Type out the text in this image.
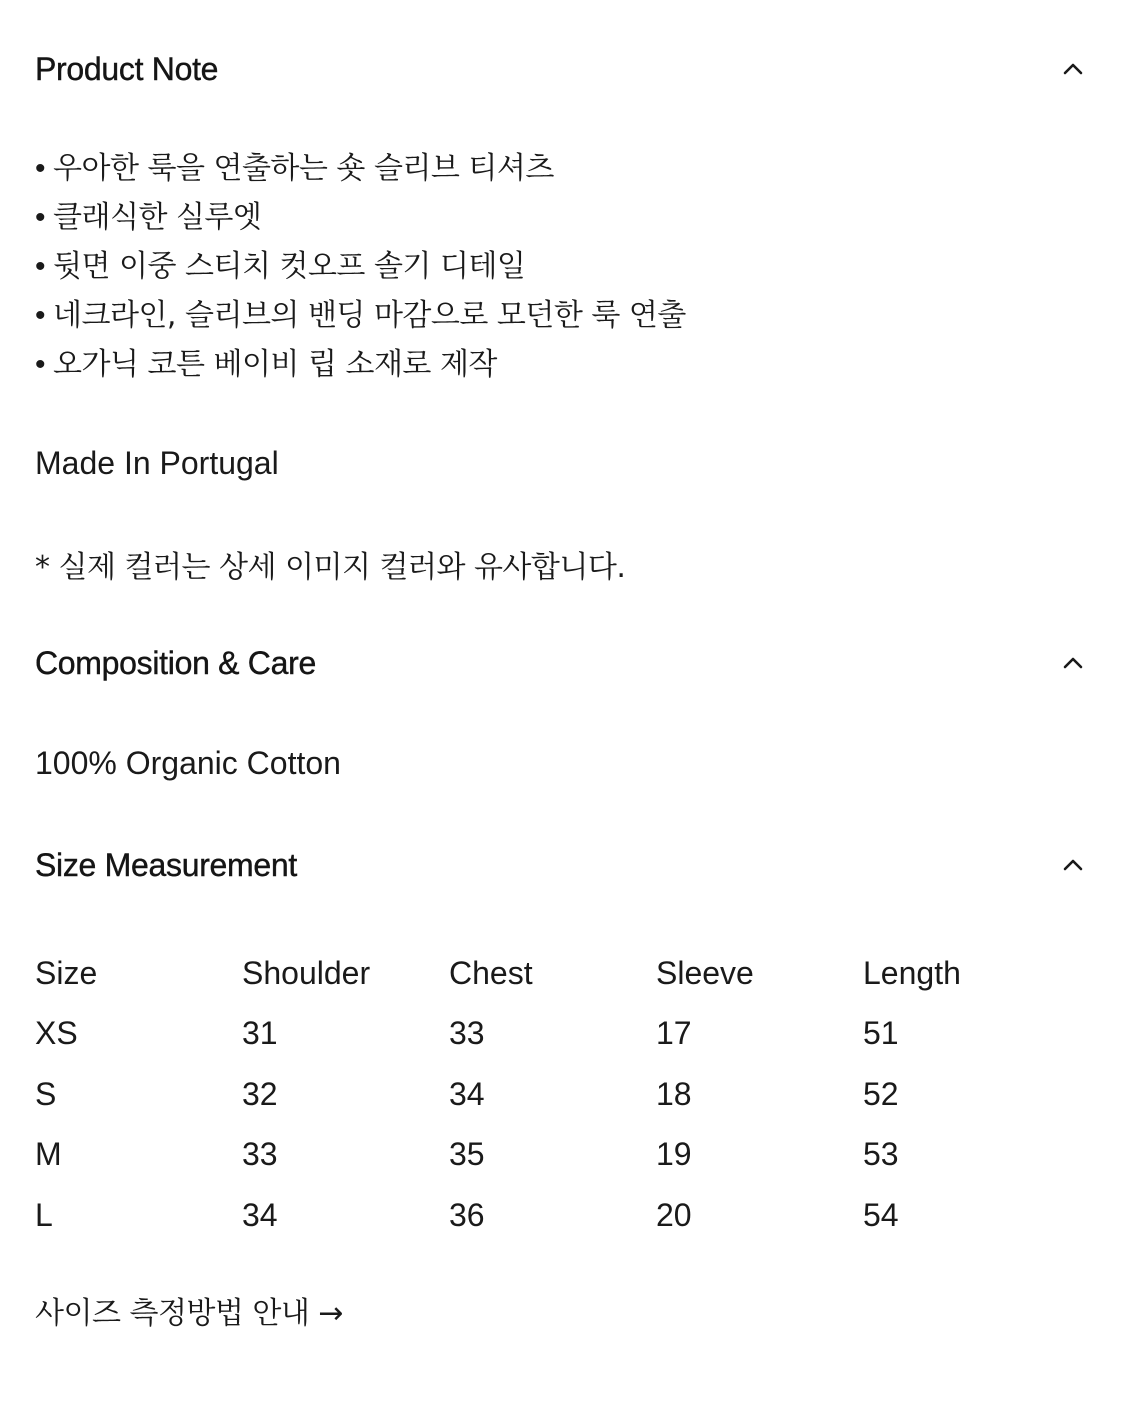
Product Note
• 우아한 룩을 연출하는 숏 슬리브 티셔츠
• 클래식한 실루엣
• 뒷면 이중 스티치 컷오프 솔기 디테일
• 네크라인, 슬리브의 밴딩 마감으로 모던한 룩 연출
• 오가닉 코튼 베이비 립 소재로 제작
Made In Portugal
* 실제 컬러는 상세 이미지 컬러와 유사합니다.
Composition & Care
100% Organic Cotton
Size Measurement
Size	Shoulder	Chest	Sleeve	Length
XS	31	33	17	51
S	32	34	18	52
M	33	35	19	53
L	34	36	20	54
사이즈 측정방법 안내 →
